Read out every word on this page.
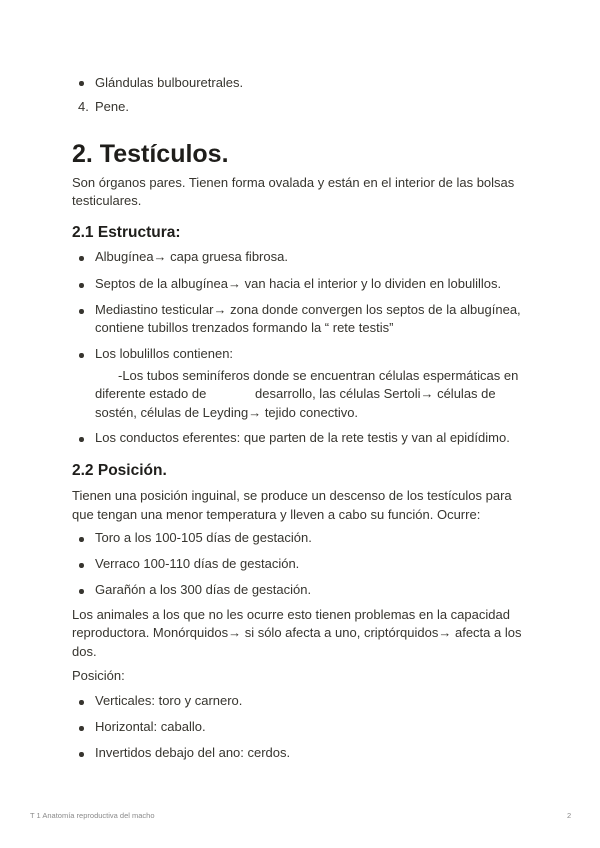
Glándulas bulbouretrales.
4. Pene.
2. Testículos.
Son órganos pares. Tienen forma ovalada y están en el interior de las bolsas
testiculares.
2.1 Estructura:
Albugínea→ capa gruesa fibrosa.
Septos de la albugínea→ van hacia el interior y lo dividen en lobulillos.
Mediastino testicular→ zona donde convergen los septos de la albugínea,
contiene tubillos trenzados formando la “ rete testis”
Los lobulillos contienen:
-Los tubos seminíferos donde se encuentran células espermáticas en
diferente estado de	desarrollo, las células Sertoli→ células de
sostén, células de Leyding→ tejido conectivo.
Los conductos eferentes: que parten de la rete testis y van al epidídimo.
2.2 Posición.
Tienen una posición inguinal, se produce un descenso de los testículos para
que tengan una menor temperatura y lleven a cabo su función. Ocurre:
Toro a los 100-105 días de gestación.
Verraco 100-110 días de gestación.
Garañón a los 300 días de gestación.
Los animales a los que no les ocurre esto tienen problemas en la capacidad
reproductora. Monórquidos→ si sólo afecta a uno, criptórquidos→ afecta a los
dos.
Posición:
Verticales: toro y carnero.
Horizontal: caballo.
Invertidos debajo del ano: cerdos.
T 1 Anatomía reproductiva del macho	2
